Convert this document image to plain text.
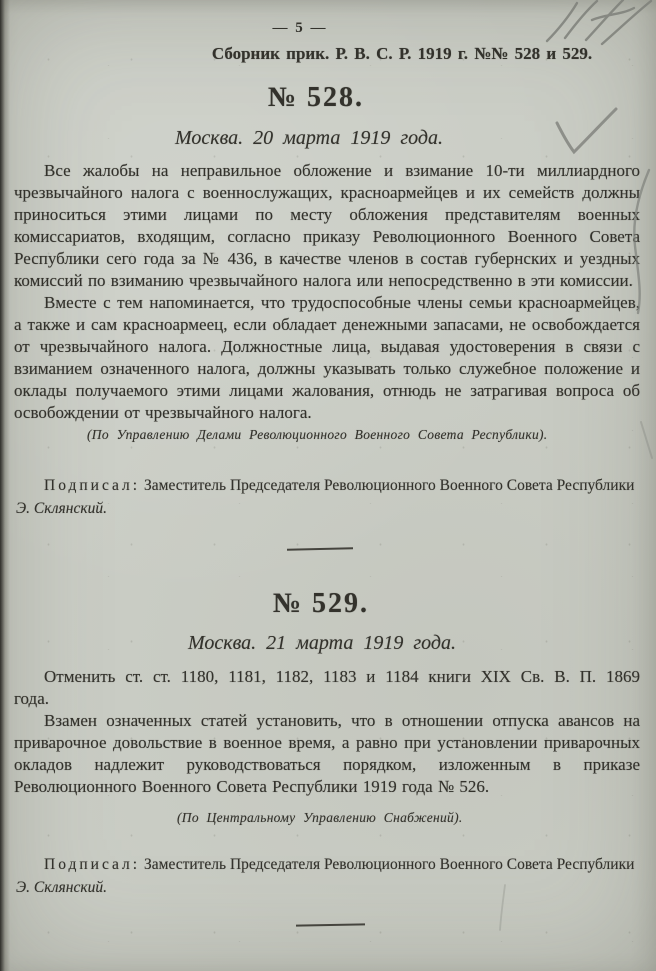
— 5 —
Сборник прик. Р. В. С. Р. 1919 г. №№ 528 и 529.
№ 528.

Москва. 20 марта 1919 года.

Все жалобы на неправильное обложение и взимание 10-ти миллиардного чрезвычайного налога с военнослужащих, красноармейцев и их семейств должны приноситься этими лицами по месту обложения представителям военных комиссариатов, входящим, согласно приказу Революционного Военного Совета Республики сего года за № 436, в качестве членов в состав губернских и уездных комиссий по взиманию чрезвычайного налога или непосредственно в эти комиссии.

Вместе с тем напоминается, что трудоспособные члены семьи красноармейцев, а также и сам красноармеец, если обладает денежными запасами, не освобождается от чрезвычайного налога. Должностные лица, выдавая удостоверения в связи с взиманием означенного налога, должны указывать только служебное положение и оклады получаемого этими лицами жалования, отнюдь не затрагивая вопроса об освобождении от чрезвычайного налога.

(По Управлению Делами Революционного Военного Совета Республики).

Подписал: Заместитель Председателя Революционного Военного Совета Республики

Э. Склянский.

№ 529.

Москва. 21 марта 1919 года.

Отменить ст. ст. 1180, 1181, 1182, 1183 и 1184 книги XIX Св. В. П. 1869 года.

Взамен означенных статей установить, что в отношении отпуска авансов на приварочное довольствие в военное время, а равно при установлении приварочных окладов надлежит руководствоваться порядком, изложенным в приказе Революционного Военного Совета Республики 1919 года № 526.

(По Центральному Управлению Снабжений).

Подписал: Заместитель Председателя Революционного Военного Совета Республики

Э. Склянский.
